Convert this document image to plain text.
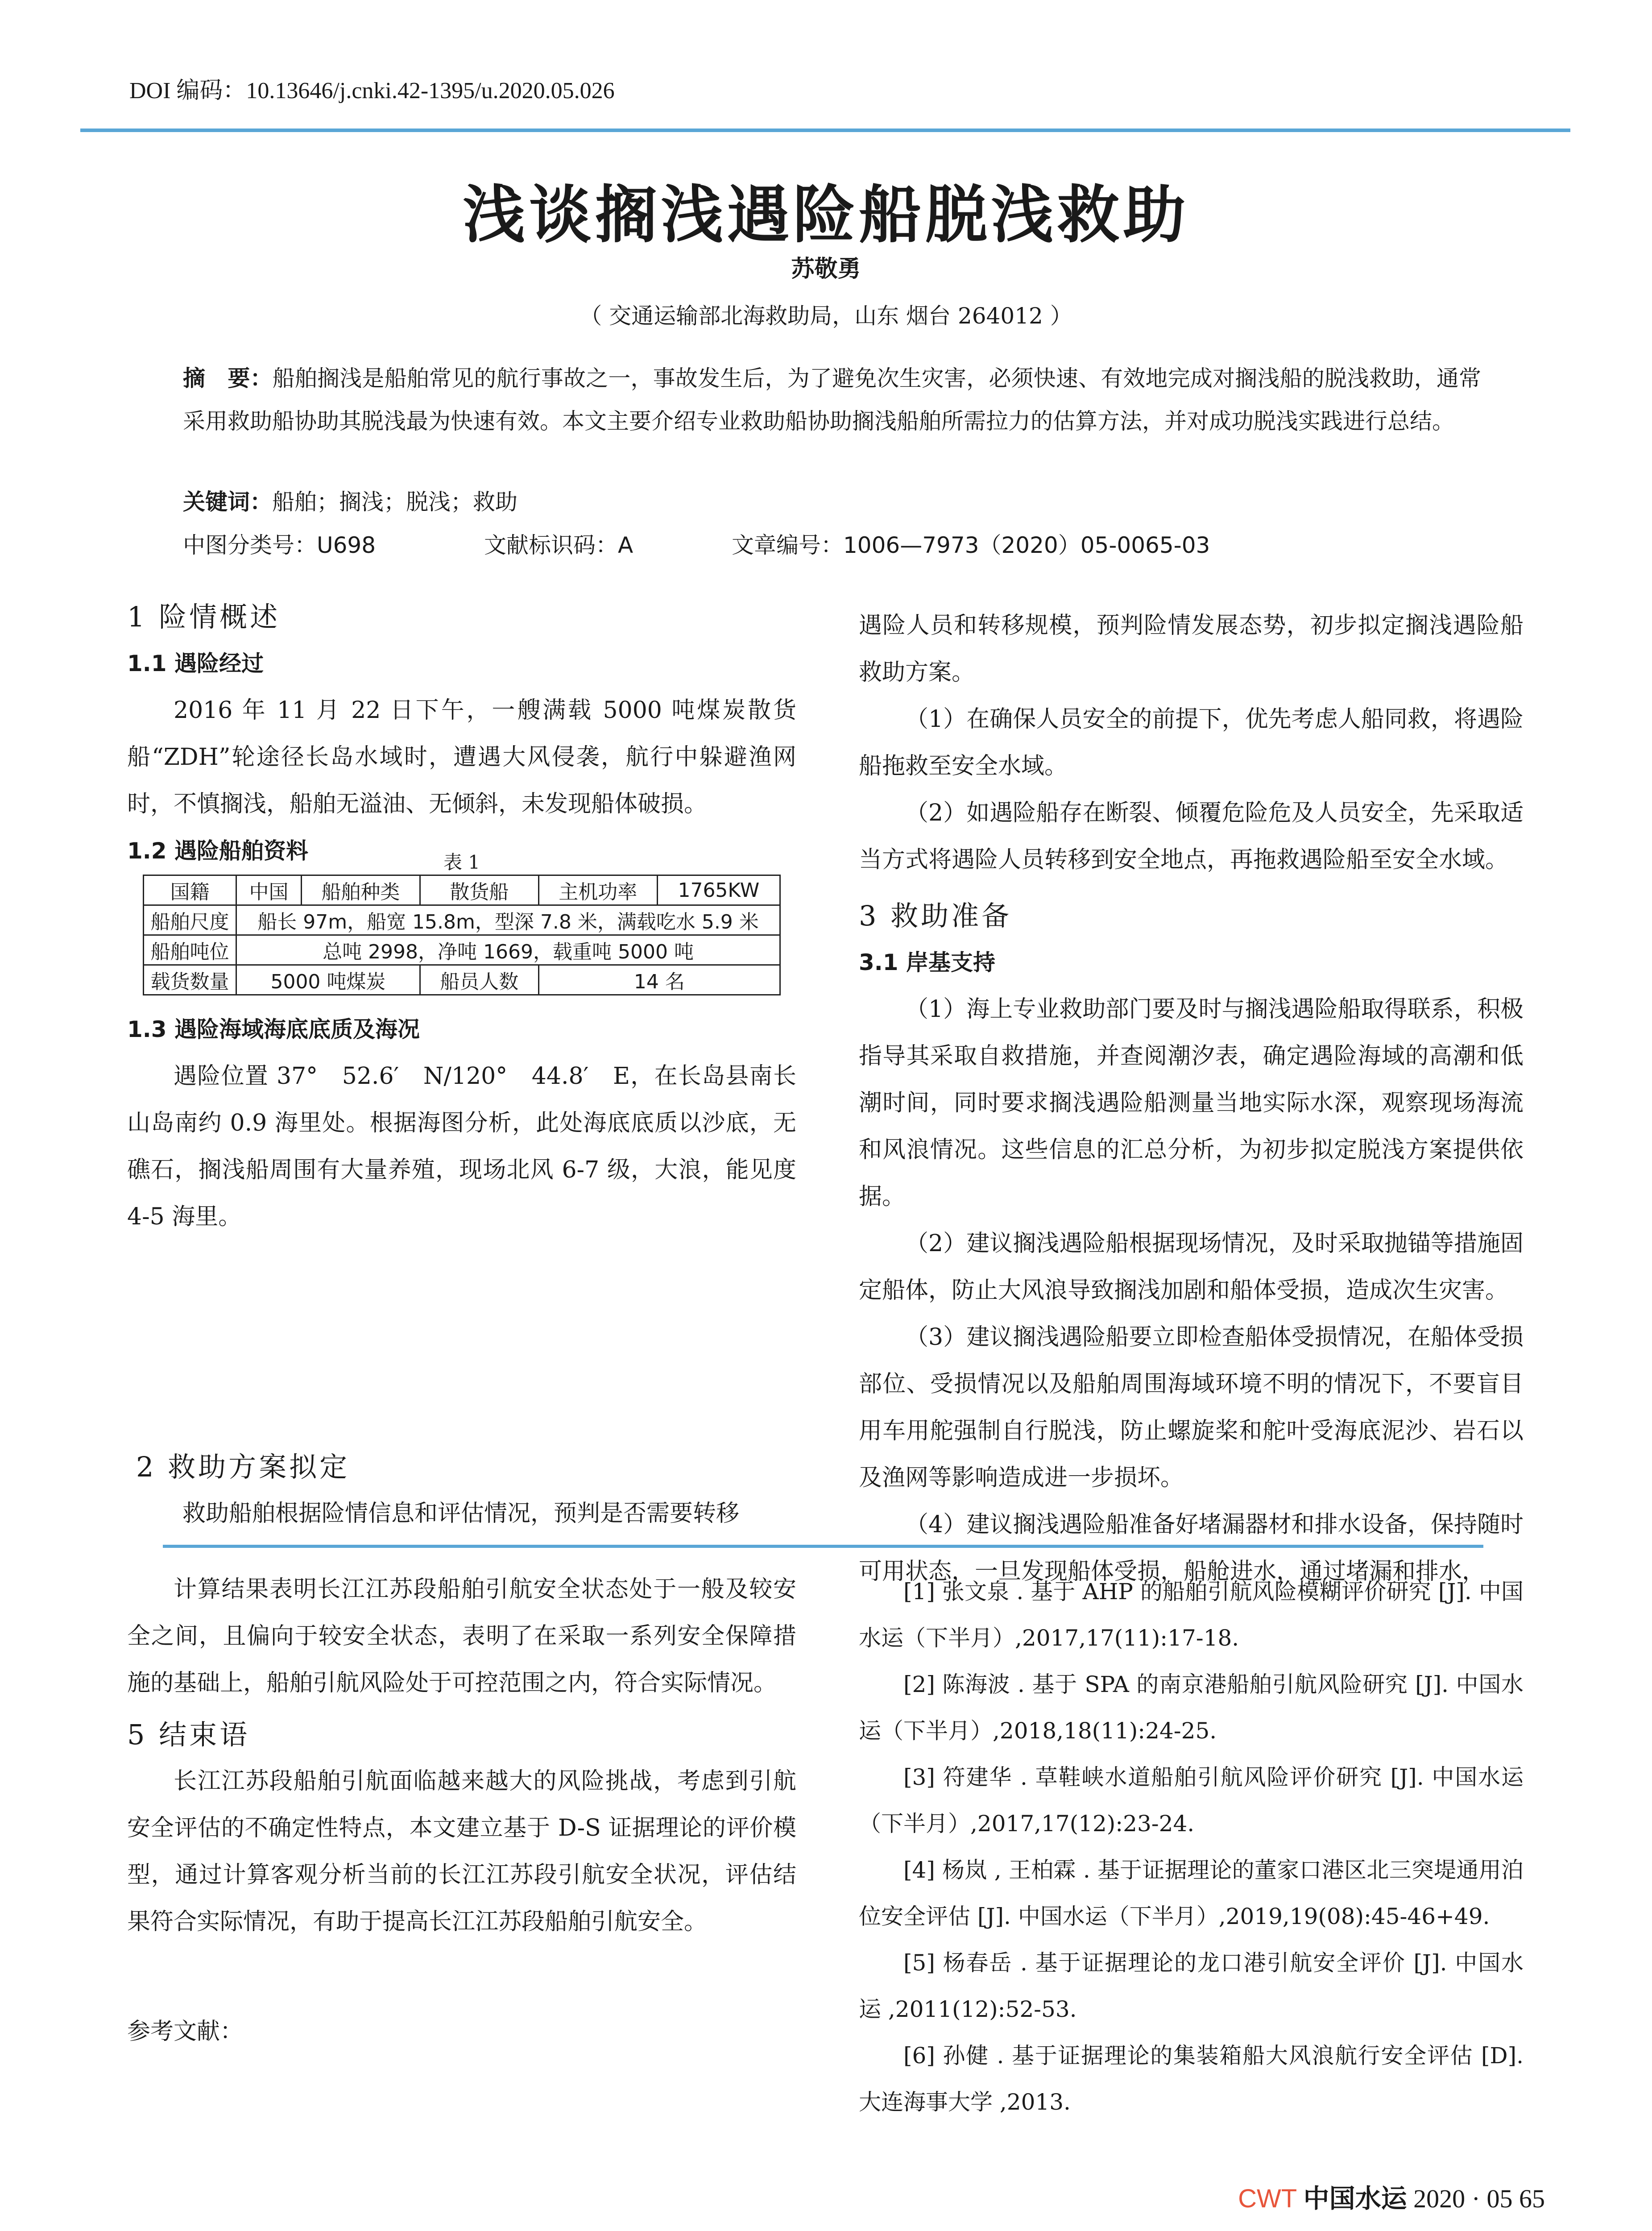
DOI 编码：10.13646/j.cnki.42-1395/u.2020.05.026
浅谈搁浅遇险船脱浅救助
苏敬勇
（ 交通运输部北海救助局，山东 烟台 264012 ）
摘　要：船舶搁浅是船舶常见的航行事故之一，事故发生后，为了避免次生灾害，必须快速、有效地完成对搁浅船的脱浅救助，通常采用救助船协助其脱浅最为快速有效。本文主要介绍专业救助船协助搁浅船舶所需拉力的估算方法，并对成功脱浅实践进行总结。
关键词：船舶；搁浅；脱浅；救助
中图分类号：U698	文献标识码：A	文章编号：1006—7973（2020）05-0065-03
1 险情概述
1.1 遇险经过

2016 年 11 月 22 日下午，一艘满载 5000 吨煤炭散货船“ZDH”轮途径长岛水域时，遭遇大风侵袭，航行中躲避渔网时，不慎搁浅，船舶无溢油、无倾斜，未发现船体破损。

1.2 遇险船舶资料	表 1
国籍	中国	船舶种类	散货船	主机功率	1765KW
船舶尺度	船长 97m，船宽 15.8m，型深 7.8 米，满载吃水 5.9 米				
船舶吨位	总吨 2998，净吨 1669，载重吨 5000 吨				
载货数量	5000 吨煤炭		船员人数	14 名	
1.3 遇险海域海底底质及海况

遇险位置 37°　52.6′　N/120°　44.8′　E，在长岛县南长山岛南约 0.9 海里处。根据海图分析，此处海底底质以沙底，无礁石，搁浅船周围有大量养殖，现场北风 6-7 级，大浪，能见度 4-5 海里。

2 救助方案拟定

救助船舶根据险情信息和评估情况，预判是否需要转移

遇险人员和转移规模，预判险情发展态势，初步拟定搁浅遇险船救助方案。

（1）在确保人员安全的前提下，优先考虑人船同救，将遇险船拖救至安全水域。

（2）如遇险船存在断裂、倾覆危险危及人员安全，先采取适当方式将遇险人员转移到安全地点，再拖救遇险船至安全水域。

3 救助准备
3.1 岸基支持

（1）海上专业救助部门要及时与搁浅遇险船取得联系，积极指导其采取自救措施，并查阅潮汐表，确定遇险海域的高潮和低潮时间，同时要求搁浅遇险船测量当地实际水深，观察现场海流和风浪情况。这些信息的汇总分析，为初步拟定脱浅方案提供依据。

（2）建议搁浅遇险船根据现场情况，及时采取抛锚等措施固定船体，防止大风浪导致搁浅加剧和船体受损，造成次生灾害。

（3）建议搁浅遇险船要立即检查船体受损情况，在船体受损部位、受损情况以及船舶周围海域环境不明的情况下，不要盲目用车用舵强制自行脱浅，防止螺旋桨和舵叶受海底泥沙、岩石以及渔网等影响造成进一步损坏。

（4）建议搁浅遇险船准备好堵漏器材和排水设备，保持随时可用状态，一旦发现船体受损，船舱进水，通过堵漏和排水，

计算结果表明长江江苏段船舶引航安全状态处于一般及较安全之间，且偏向于较安全状态，表明了在采取一系列安全保障措施的基础上，船舶引航风险处于可控范围之内，符合实际情况。

5 结束语

长江江苏段船舶引航面临越来越大的风险挑战，考虑到引航安全评估的不确定性特点，本文建立基于 D-S 证据理论的评价模型，通过计算客观分析当前的长江江苏段引航安全状况，评估结果符合实际情况，有助于提高长江江苏段船舶引航安全。

参考文献：

[1] 张文泉 . 基于 AHP 的船舶引航风险模糊评价研究 [J]. 中国水运（下半月）,2017,17(11):17-18.

[2] 陈海波 . 基于 SPA 的南京港船舶引航风险研究 [J]. 中国水运（下半月）,2018,18(11):24-25.

[3] 符建华 . 草鞋峡水道船舶引航风险评价研究 [J]. 中国水运（下半月）,2017,17(12):23-24.

[4] 杨岚 , 王柏霖 . 基于证据理论的董家口港区北三突堤通用泊位安全评估 [J]. 中国水运（下半月）,2019,19(08):45-46+49.

[5] 杨春岳 . 基于证据理论的龙口港引航安全评价 [J]. 中国水运 ,2011(12):52-53.

[6] 孙健 . 基于证据理论的集装箱船大风浪航行安全评估 [D]. 大连海事大学 ,2013.

CWT 中国水运 2020 · 05 65
